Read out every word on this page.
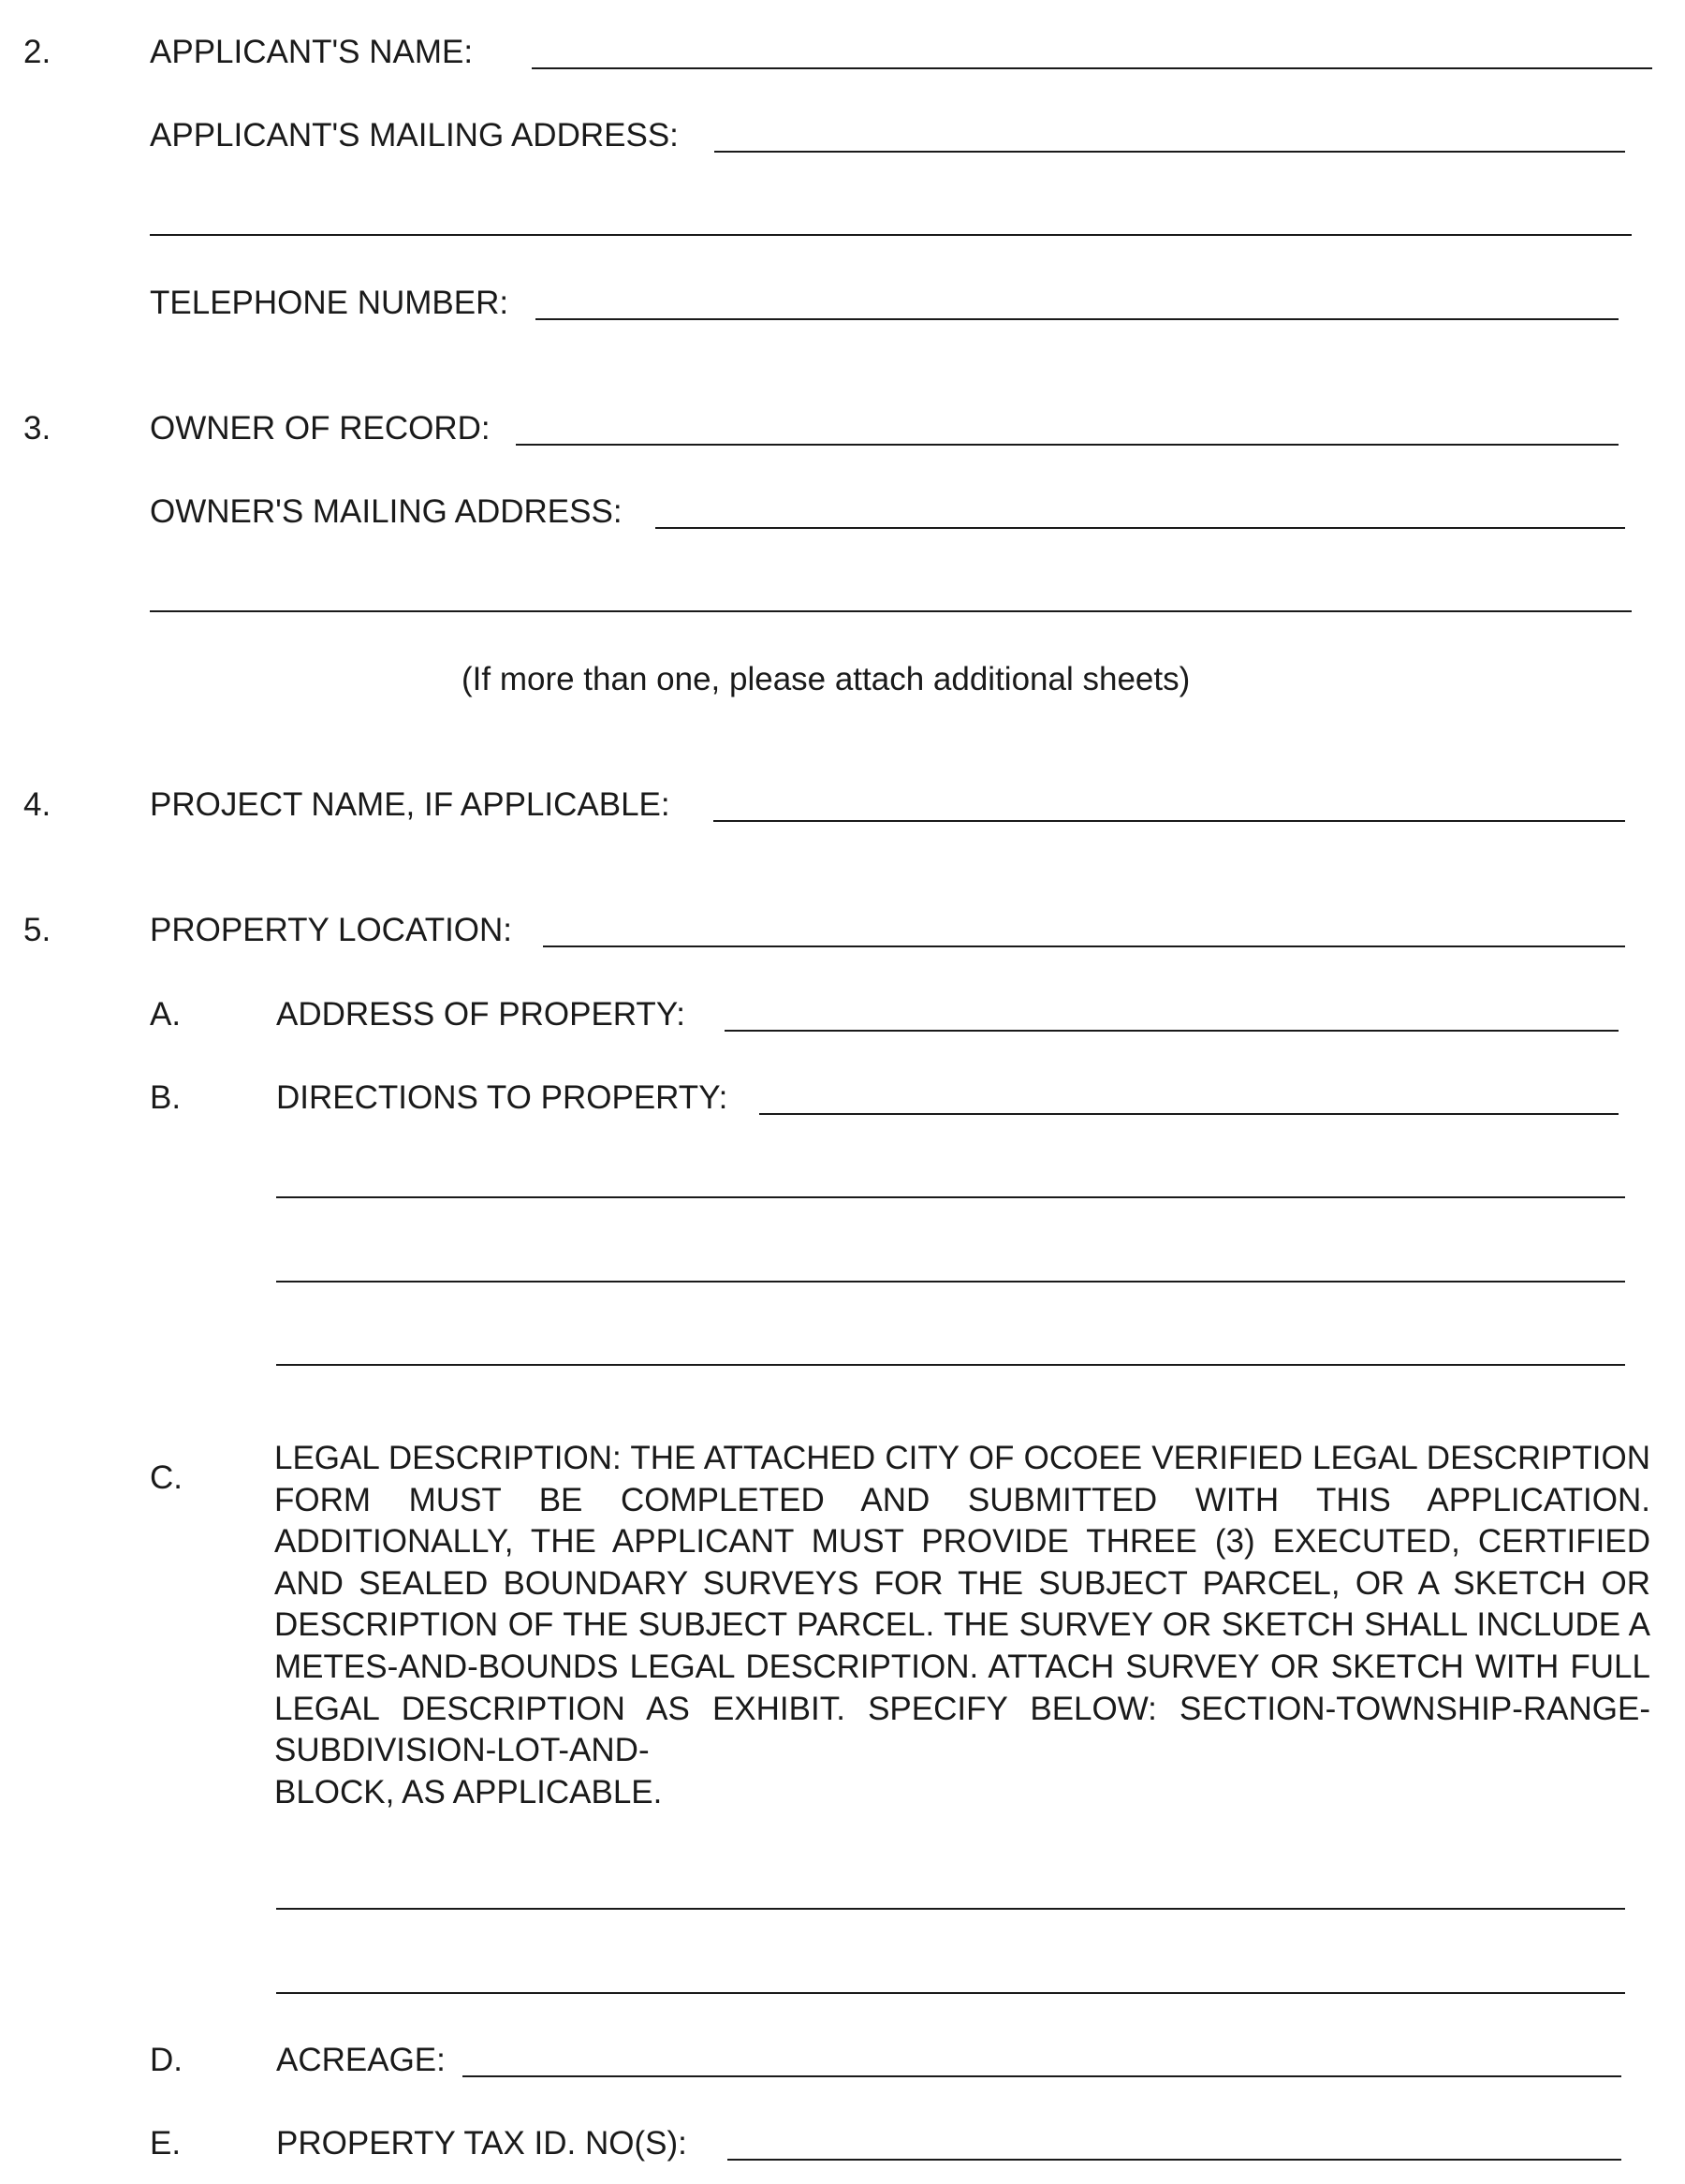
2.	APPLICANT'S NAME:
APPLICANT'S MAILING ADDRESS:
TELEPHONE NUMBER:
3.	OWNER OF RECORD:
OWNER'S MAILING ADDRESS:
(If more than one, please attach additional sheets)
4.	PROJECT NAME, IF APPLICABLE:
5.	PROPERTY LOCATION:
A.	ADDRESS OF PROPERTY:
B.	DIRECTIONS TO PROPERTY:
C.
LEGAL DESCRIPTION: THE ATTACHED CITY OF OCOEE VERIFIED LEGAL DESCRIPTION FORM MUST BE COMPLETED AND SUBMITTED WITH THIS APPLICATION. ADDITIONALLY, THE APPLICANT MUST PROVIDE THREE (3) EXECUTED, CERTIFIED AND SEALED BOUNDARY SURVEYS FOR THE SUBJECT PARCEL, OR A SKETCH OR DESCRIPTION OF THE SUBJECT PARCEL. THE SURVEY OR SKETCH SHALL INCLUDE A METES-AND-BOUNDS LEGAL DESCRIPTION. ATTACH SURVEY OR SKETCH WITH FULL LEGAL DESCRIPTION AS EXHIBIT. SPECIFY BELOW: SECTION-TOWNSHIP-RANGE-SUBDIVISION-LOT-AND-
BLOCK, AS APPLICABLE.
D.	ACREAGE:
E.	PROPERTY TAX ID. NO(S):
